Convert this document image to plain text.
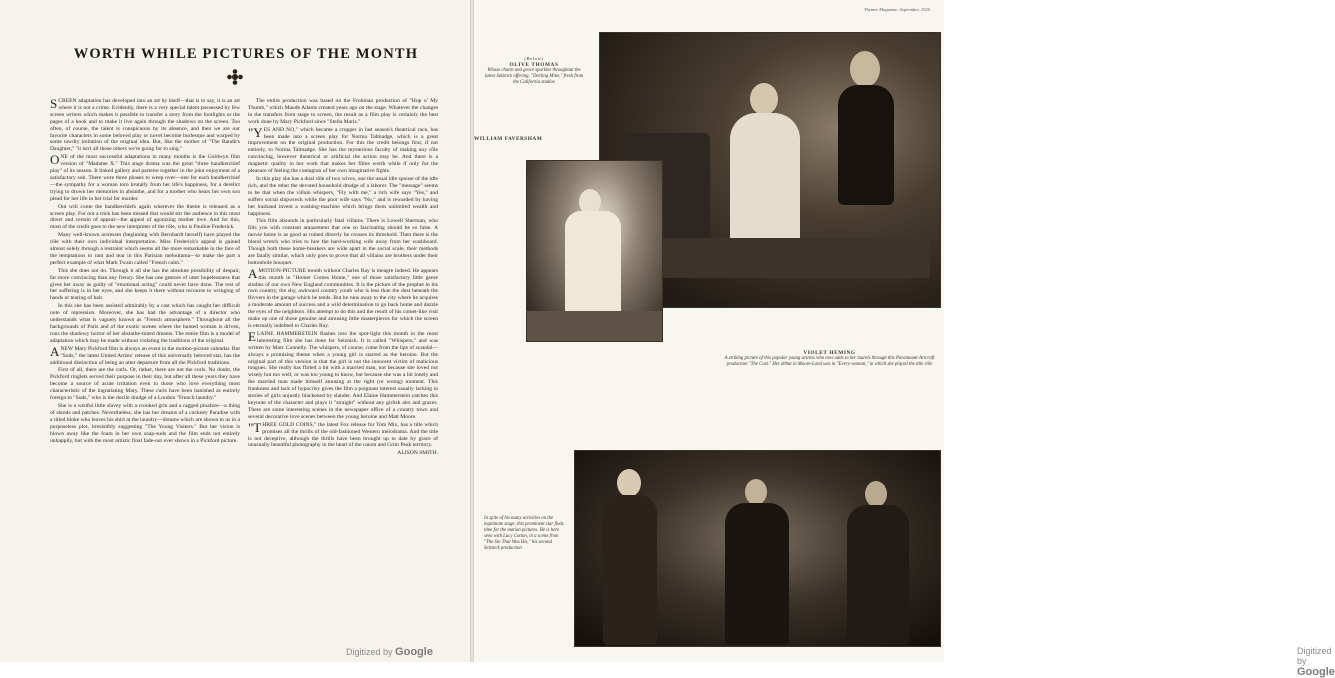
WORTH WHILE PICTURES OF THE MONTH

SCREEN adaptation has developed into an art by itself—that is to say, it is an art where it is not a crime. Evidently, there is a very special talent possessed by few screen writers which makes it possible to transfer a story from the footlights or the pages of a book and to make it live again through the shadows on the screen. Too often, of course, the talent is conspicuous by its absence, and then we are our favorite characters in some beloved play or novel become burlesque and warped by some tawdry imitation of the original idea. But, like the mother of "The Bandit's Daughter," "it isn't all those others we're going for to sing."

ONE of the most successful adaptations in many months is the Goldwyn film version of "Madame X." This stage drama was the great "three handkerchief play" of its season. It linked gallery and parterre together in the joint enjoyment of a satisfactory sob. There were three phases to weep over—one for each handkerchief—the sympathy for a woman torn brutally from her life's happiness, for a derelict trying to drown her memories in absinthe, and for a mother who hears her own son plead for her life in her trial for murder.

Out will come the handkerchiefs again wherever the theme is released as a screen play. For not a trick has been missed that would stir the audience in this most direct and certain of appeal—the appeal of agonizing mother love. And for this, most of the credit goes to the new interpreter of the rôle, who is Pauline Frederick.

Many well-known actresses (beginning with Bernhardt herself) have played the rôle with their own individual interpretation. Miss Frederick's appeal is gained almost solely through a restraint which seems all the more remarkable in the face of the temptations to rant and tear in this Parisian melodrama—to make the part a perfect example of what Mark Twain called "French calm."

This she does not do. Through it all she has the absolute possibility of despair, far more convincing than any frenzy. She has one gesture of utter hopelessness that gives her away as guilty of "emotional acting" could never have done. The rest of her suffering is in her eyes, and she keeps it there without recourse to wringing of hands or tearing of hair.

In this she has been assisted admirably by a cast which has caught her difficult note of repression. Moreover, she has had the advantage of a director who understands what is vaguely known as "French atmosphere." Throughout all the backgrounds of Paris and of the exotic scenes where the hunted woman is driven, runs the shadowy horror of her absinthe-tinted dreams. The entire film is a model of adaptation which may be made without violating the traditions of the original.

ANEW Mary Pickford film is always an event in the motion-picture calendar. But "Suds," the latest United Artists' release of this universally beloved star, has the additional distinction of being an utter departure from all the Pickford traditions.

First of all, there are the curls. Or, rather, there are not the curls. No doubt, the Pickford ringlets served their purpose in their day, but after all these years they have become a source of acute irritation even to those who love everything most characteristic of the ingratiating Mary. These curls have been banished as entirely foreign to "Suds," who is the docile drudge of a London "French laundry."

She is a wistful little slavey with a crooked grin and a ragged pinafore—a thing of shreds and patches. Nevertheless, she has her dreams of a cockney Paradise with a titled bloke who leaves his shirt at the laundry—dreams which are shown to us in a purposeless plot, irresistibly suggesting "The Young Visiters." But her vision is blown away like the foam in her own soap-suds and the film ends not entirely unhappily, but with the most artistic final fade-out ever shown in a Pickford picture.

The entire production was based on the Frohman production of "Hop o' My Thumb," which Maude Adams created years ago on the stage. Whatever the changes in the transfers from stage to screen, the result as a film play is certainly the best work done by Mary Pickford since "Stella Maris."

"YES AND NO," which became a cropper in last season's theatrical race, has been made into a screen play for Norma Talmadge, which is a great improvement on the original production. For this the credit belongs first, if not entirely, to Norma Talmadge. She has the mysterious faculty of making any rôle convincing, however theatrical or artificial the action may be. And there is a magnetic quality in her work that makes her films worth while if only for the pleasure of feeling the contagion of her own imaginative fights.

In this play she has a dual rôle of two wives, one the usual idle spouse of the idle rich, and the other the devoted household drudge of a laborer. The "message" seems to be that when the villain whispers, "Fly with me," a rich wife says "Yes," and suffers social shipwreck while the poor wife says "No," and is rewarded by having her husband invent a washing-machine which brings them unlimited wealth and happiness.

This film abounds in particularly fatal villains. There is Lowell Sherman, who fills you with constant amazement that one so fascinating should be so false. A movie home is as good as ruined directly he crosses its threshold. Then there is the blond wretch who tries to lure the hard-working wife away from her washboard. Though both these home-breakers are wide apart in the social scale, their methods are fatally similar, which only goes to prove that all villains are brothers under their buttonhole bouquet.

AMOTION-PICTURE month without Charles Ray is meagre indeed. He appears this month in "Homer Comes Home," one of those satisfactory little genre studies of our own New England communities. It is the picture of the prophet in his own country, the shy, awkward country youth who is less than the dust beneath the flivvers in the garage which he tends. But he runs away to the city where he acquires a moderate amount of success and a wild determination to go back home and dazzle the eyes of the neighbors. His attempt to do this and the result of his comet-like visit make up one of those genuine and amusing little masterpieces for which the screen is eternally indebted to Charles Ray.

ELAINE HAMMERSTEIN flashes into the spot-light this month in the most interesting film she has done for Selznick. It is called "Whispers," and was written by Marc Connelly. The whispers, of course, come from the lips of scandal—always a promising theme when a young girl is starred as the heroine. But the original part of this version is that the girl is not the innocent victim of malicious tongues. She really has flirted a bit with a married man, not because she loved not wisely but too well, or was too young to know, but because she was a bit lonely and the married man made himself amusing at the right (or wrong) moment. This frankness and lack of hypocrisy gives the film a poignant interest usually lacking in stories of girls unjustly blackened by slander. And Elaine Hammerstein catches this keynote of the character and plays it "straight" without any girlish airs and graces. There are some interesting scenes in the newspaper office of a country town and several decorative love scenes between the young heroine and Matt Moore.

"THREE GOLD COINS," the latest Fox release for Tom Mix, has a title which promises all the thrills of the old-fashioned Western melodrama. And the title is not deceptive, although the thrills have been brought up to date by grace of unusually beautiful photography in the heart of the canon and Grim Peak territory.

ALISON SMITH.
Digitized by Google
Theatre Magazine, September, 1920
(Below)
OLIVE THOMAS
Whose charm and grace sparkles throughout the latest Selznick offering, "Darling Mine," fresh from the California studios
WILLIAM FAVERSHAM
VIOLET HEMING
A striking picture of this popular young actress who now adds to her laurels through this Paramount-Artcraft production "The Cost." Her début in Moore-Land was in "Every-woman," in which she played the title rôle
In spite of his many activities on the legitimate stage, this prominent star finds time for the motion pictures. He is here seen with Lucy Cotton, in a scene from "The Sin That Was His," his second Selznick production
Digitized by Google
